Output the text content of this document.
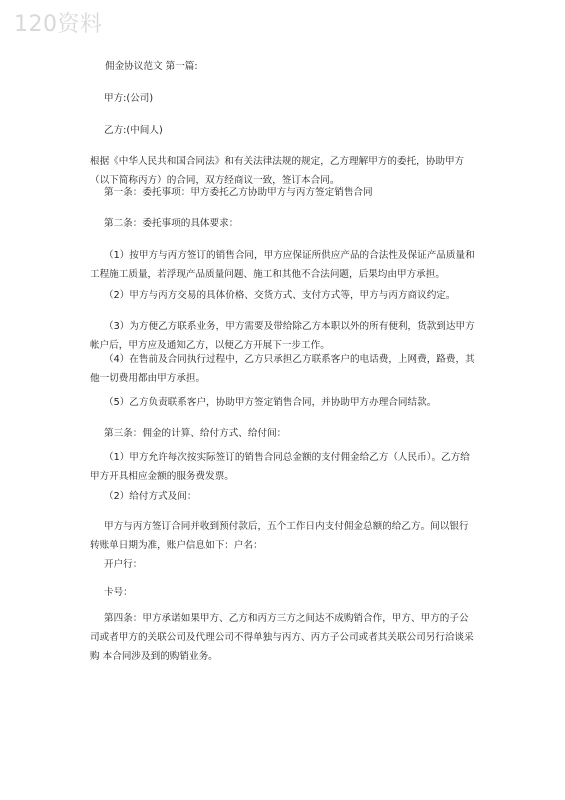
120资料
佣金协议范文 第一篇:
甲方:(公司)
乙方:(中间人)
根据《中华人民共和国合同法》和有关法律法规的规定，乙方理解甲方的委托，协助甲方
（以下简称丙方）的合同，双方经商议一致，签订本合同。
第一条：委托事项：甲方委托乙方协助甲方与丙方签定销售合同
第二条：委托事项的具体要求：
（1）按甲方与丙方签订的销售合同，甲方应保证所供应产品的合法性及保证产品质量和
工程施工质量，若浮现产品质量问题、施工和其他不合法问题，后果均由甲方承担。
（2）甲方与丙方交易的具体价格、交货方式、支付方式等，甲方与丙方商议约定。
（3）为方便乙方联系业务，甲方需要及带给除乙方本职以外的所有便利，货款到达甲方
帐户后，甲方应及通知乙方，以便乙方开展下一步工作。
（4）在售前及合同执行过程中，乙方只承担乙方联系客户的电话费，上网费，路费，其
他一切费用都由甲方承担。
（5）乙方负责联系客户，协助甲方签定销售合同，并协助甲方办理合同结款。
第三条：佣金的计算、给付方式、给付间：
（1）甲方允许每次按实际签订的销售合同总金额的支付佣金给乙方（人民币）。乙方给
甲方开具相应金额的服务费发票。
（2）给付方式及间：
甲方与丙方签订合同并收到预付款后，五个工作日内支付佣金总额的给乙方。间以银行
转账单日期为准，账户信息如下：户名：
开户行：
卡号：
第四条：甲方承诺如果甲方、乙方和丙方三方之间达不成购销合作，甲方、甲方的子公
司或者甲方的关联公司及代理公司不得单独与丙方、丙方子公司或者其关联公司另行洽谈采
购 本合同涉及到的购销业务。
